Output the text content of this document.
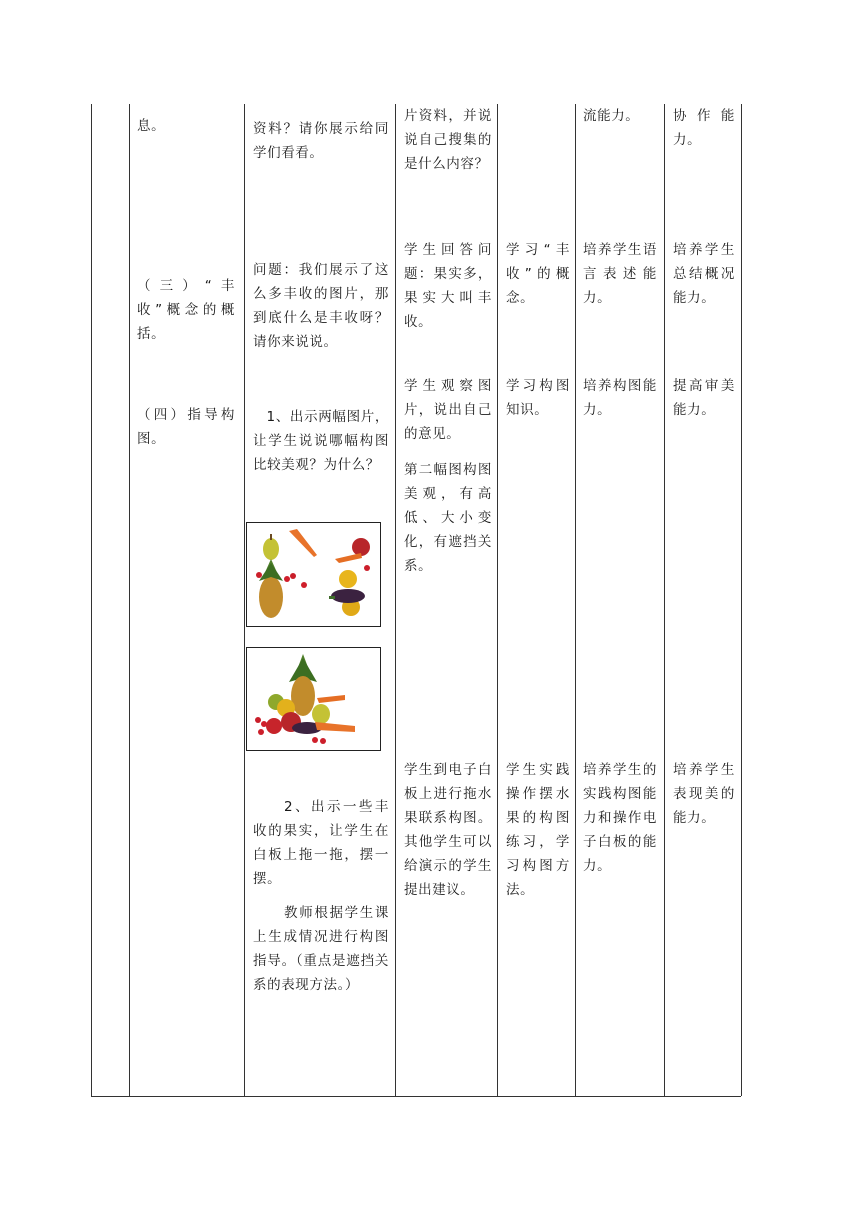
息。
（三）“丰收”概念的概括。
（四）指导构图。
资料？请你展示给同学们看看。
问题：我们展示了这么多丰收的图片，那到底什么是丰收呀？请你来说说。
1、出示两幅图片，让学生说说哪幅构图比较美观？为什么？

2、出示一些丰收的果实，让学生在白板上拖一拖，摆一摆。

教师根据学生课上生成情况进行构图指导。（重点是遮挡关系的表现方法。）

片资料，并说说自己搜集的是什么内容？
学生回答问题：果实多，果实大叫丰收。

学生观察图片，说出自己的意见。

第二幅图构图美观，有高低、大小变化，有遮挡关系。

学生到电子白板上进行拖水果联系构图。其他学生可以给演示的学生提出建议。
学习“丰收”的概念。
学习构图知识。
学生实践操作摆水果的构图练习，学习构图方法。
流能力。
培养学生语言表述能力。
培养构图能力。
培养学生的实践构图能力和操作电子白板的能力。
协作能力。
培养学生总结概况能力。
提高审美能力。
培养学生表现美的能力。
